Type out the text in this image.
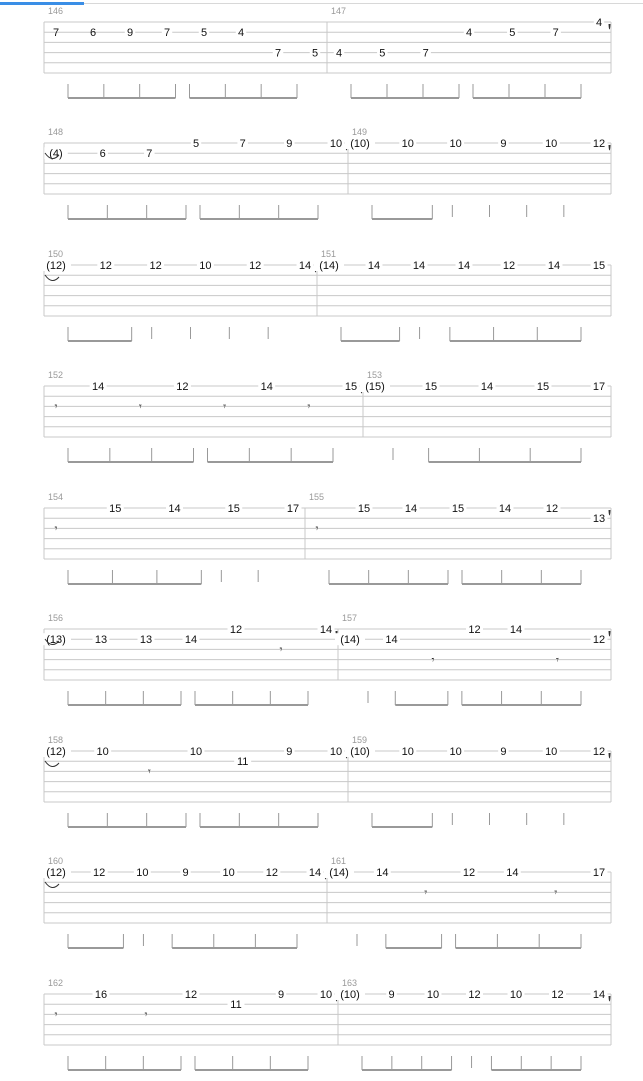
146
7	6	9	7	5	4
7	5
147
4	5	7
4	5	7
4
148
(4)	6	7
5	7	9	10
149
(10)	10	10	9	10	12
150
(12)	12	12	10	12	14
151
(14)	14	14	14	12	14	15
152
𝄾
14
𝄾
12
𝄾
14
𝄾
15
153
(15)	15	14	15	17
154
𝄾
15	14	15	17
155
𝄾
15	14	15	14	12
13
156
(13)	13	13	14
12
𝄾
14
157
(14) 14
𝄾
12	14
𝄾
12
158
(12)	10
𝄾
10
11
9	10
159
(10)	10	10	9	10	12
160
(12) 12	10	9	10	12	14
161
(14) 14
𝄾
12	14
𝄾
17
162
𝄾
16
𝄾
12
11
9	10
163
(10)	9	10	12	10	12	14
